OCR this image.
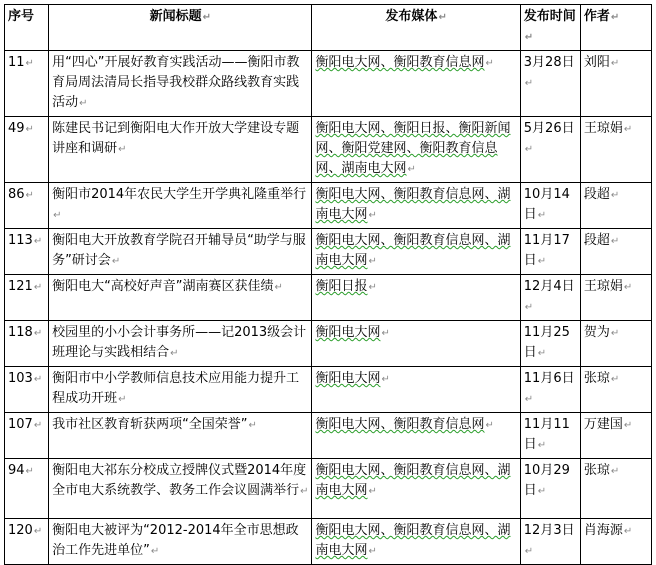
序号	新闻标题↵	发布媒体↵	发布时间↵	作者↵
11↵	用“四心”开展好教育实践活动——衡阳市教育局周法清局长指导我校群众路线教育实践活动↵	衡阳电大网、衡阳教育信息网↵	3月28日↵	刘阳↵
49↵	陈建民书记到衡阳电大作开放大学建设专题讲座和调研↵	衡阳电大网、衡阳日报、衡阳新闻网、衡阳党建网、衡阳教育信息网、湖南电大网↵	5月26日↵	王琼娟↵
86↵	衡阳市2014年农民大学生开学典礼隆重举行↵	衡阳电大网、衡阳教育信息网、湖南电大网↵	10月14日↵	段超↵
113↵	衡阳电大开放教育学院召开辅导员“助学与服务”研讨会↵	衡阳电大网、衡阳教育信息网、湖南电大网↵	11月17日↵	段超↵
121↵	衡阳电大“高校好声音”湖南赛区获佳绩↵	衡阳日报↵	12月4日↵	王琼娟↵
118↵	校园里的小小会计事务所——记2013级会计班理论与实践相结合↵	衡阳电大网↵	11月25日↵	贺为↵
103↵	衡阳市中小学教师信息技术应用能力提升工程成功开班↵	衡阳电大网↵	11月6日↵	张琼↵
107↵	我市社区教育斩获两项“全国荣誉”↵	衡阳电大网、衡阳教育信息网↵	11月11日↵	万建国↵
94↵	衡阳电大祁东分校成立授牌仪式暨2014年度全市电大系统教学、教务工作会议圆满举行↵	衡阳电大网、衡阳教育信息网、湖南电大网↵	10月29日↵	张琼↵
120↵	衡阳电大被评为“2012-2014年全市思想政治工作先进单位”↵	衡阳电大网、衡阳教育信息网、湖南电大网↵	12月3日↵	肖海源↵
